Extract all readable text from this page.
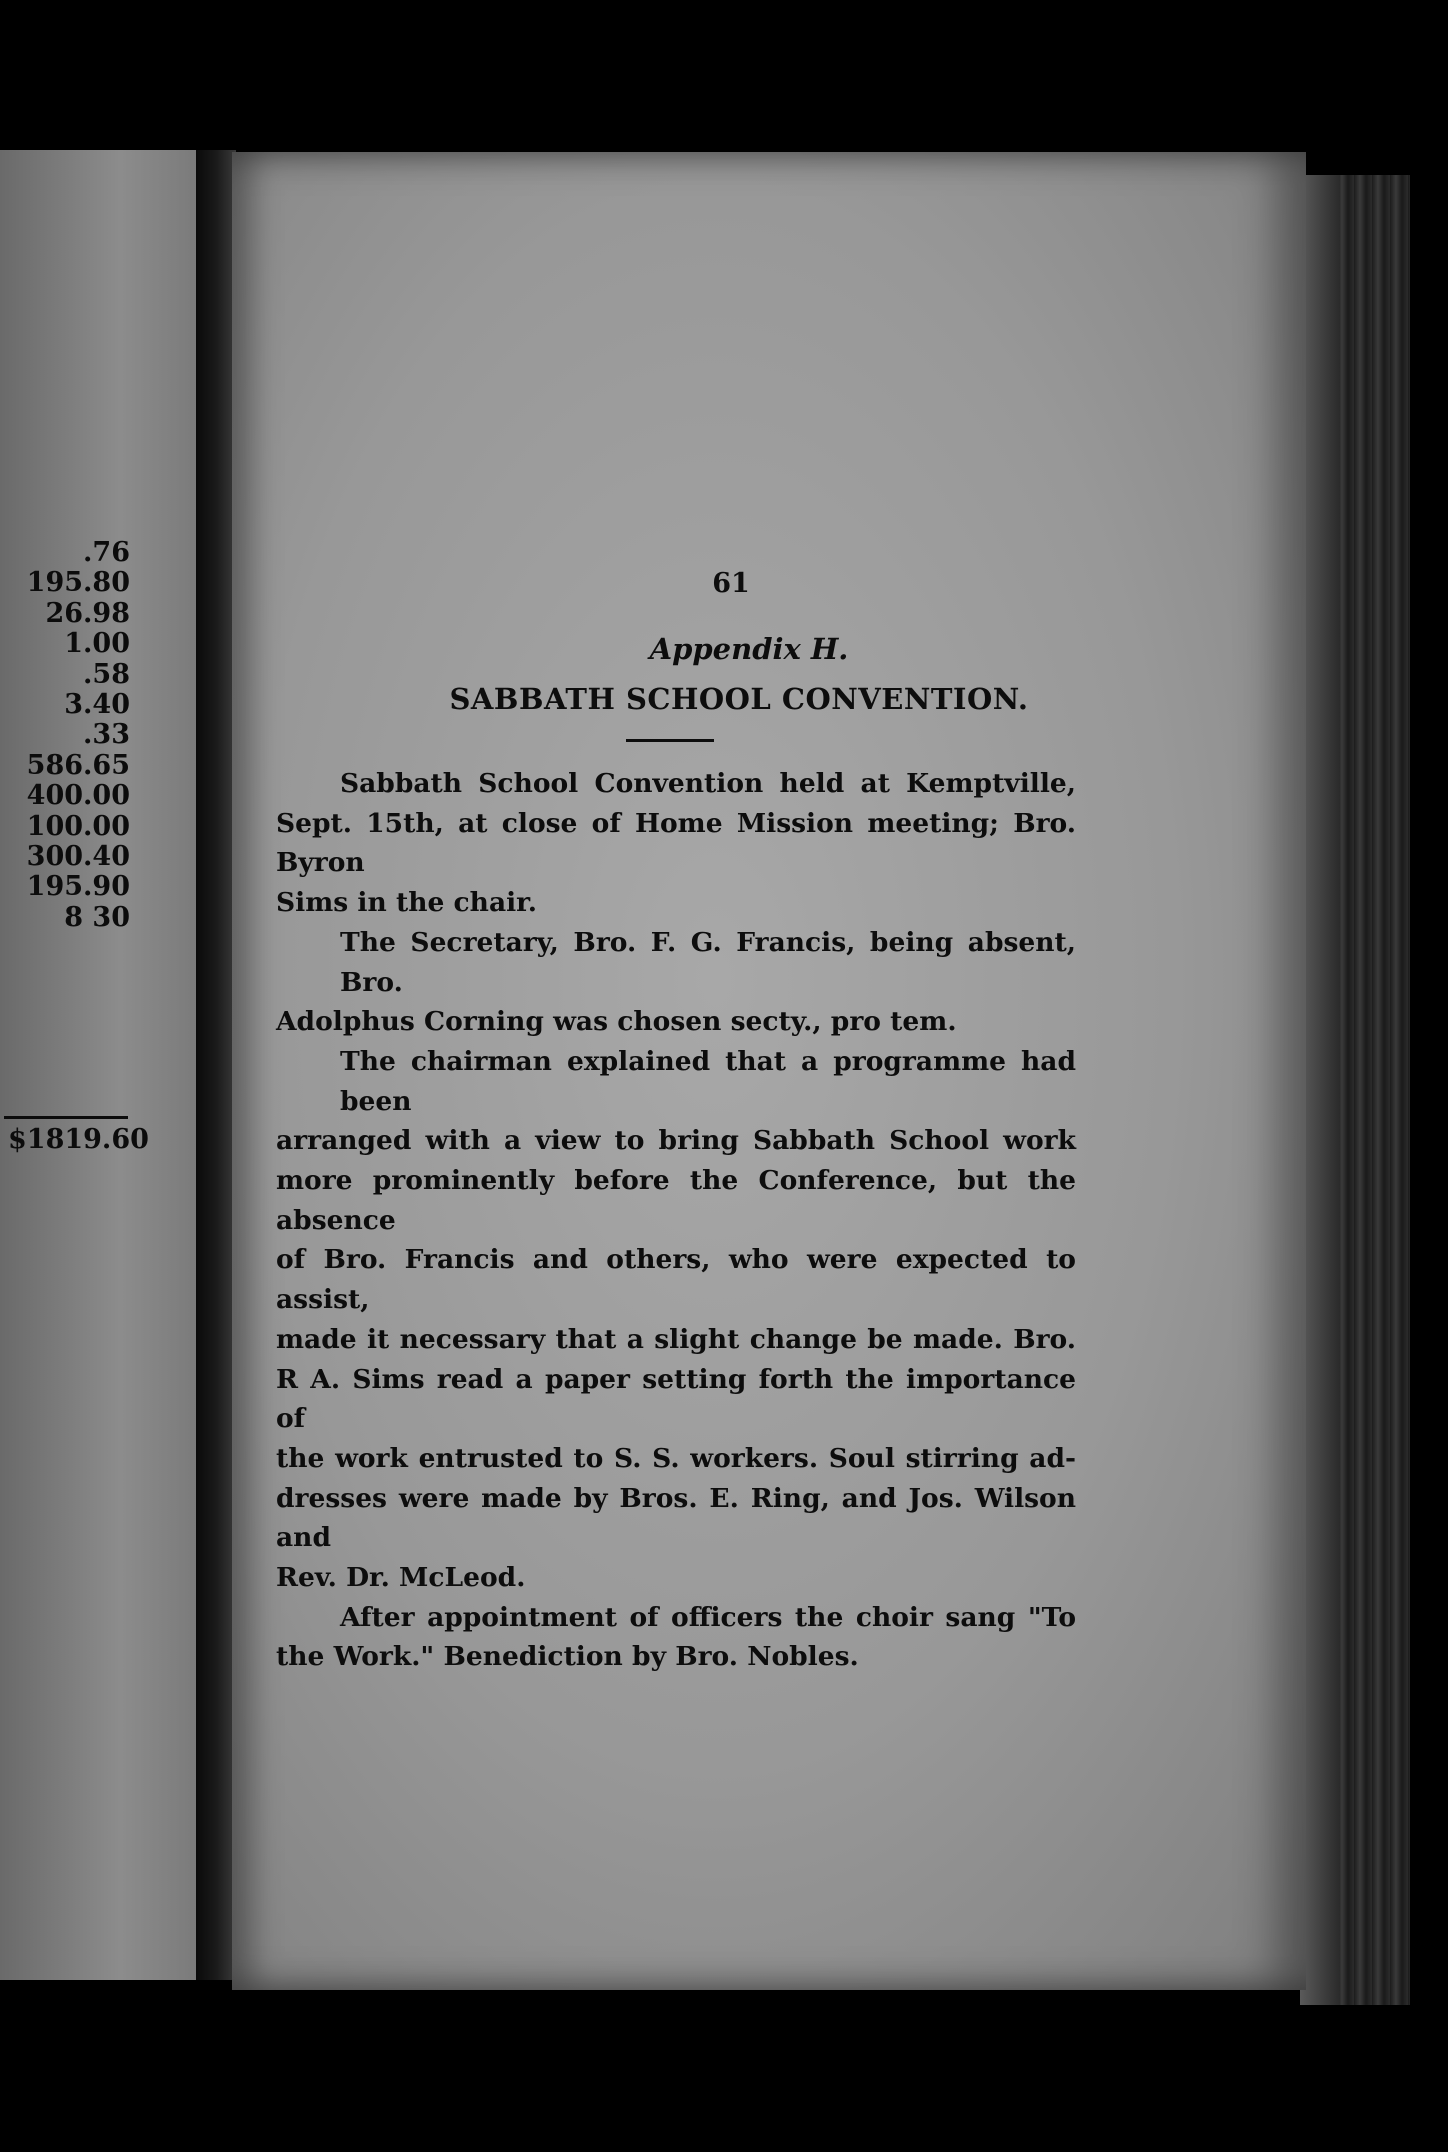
.76
195.80
26.98
1.00
.58
3.40
.33
586.65
400.00
100.00
300.40
195.90
8 30
$1819.60
61
Appendix H.
SABBATH SCHOOL CONVENTION.

Sabbath School Convention held at Kemptville,
Sept. 15th, at close of Home Mission meeting; Bro. Byron
Sims in the chair.

The Secretary, Bro. F. G. Francis, being absent, Bro.
Adolphus Corning was chosen secty., pro tem.

The chairman explained that a programme had been
arranged with a view to bring Sabbath School work
more prominently before the Conference, but the absence
of Bro. Francis and others, who were expected to assist,
made it necessary that a slight change be made. Bro.
R A. Sims read a paper setting forth the importance of
the work entrusted to S. S. workers. Soul stirring ad-
dresses were made by Bros. E. Ring, and Jos. Wilson and
Rev. Dr. McLeod.

After appointment of officers the choir sang "To
the Work." Benediction by Bro. Nobles.
